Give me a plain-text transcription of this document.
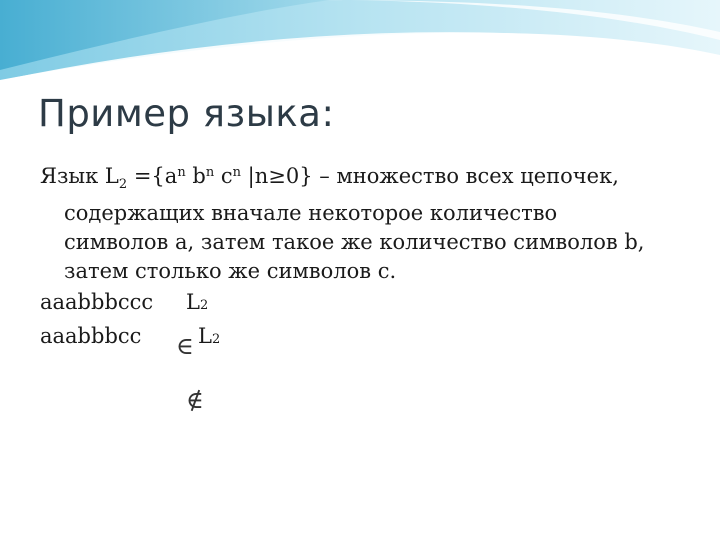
Пример языка:

Язык $L_2 =\{a^n$ $b^n$ $c^n$ |n≥0} – множество всех цепочек,
содержащих вначале некоторое количество
символов a, затем такое же количество символов b,
затем столько же символов c.

aaabbbccc	L 2
aaabbbcc	L 2
∈
∉
